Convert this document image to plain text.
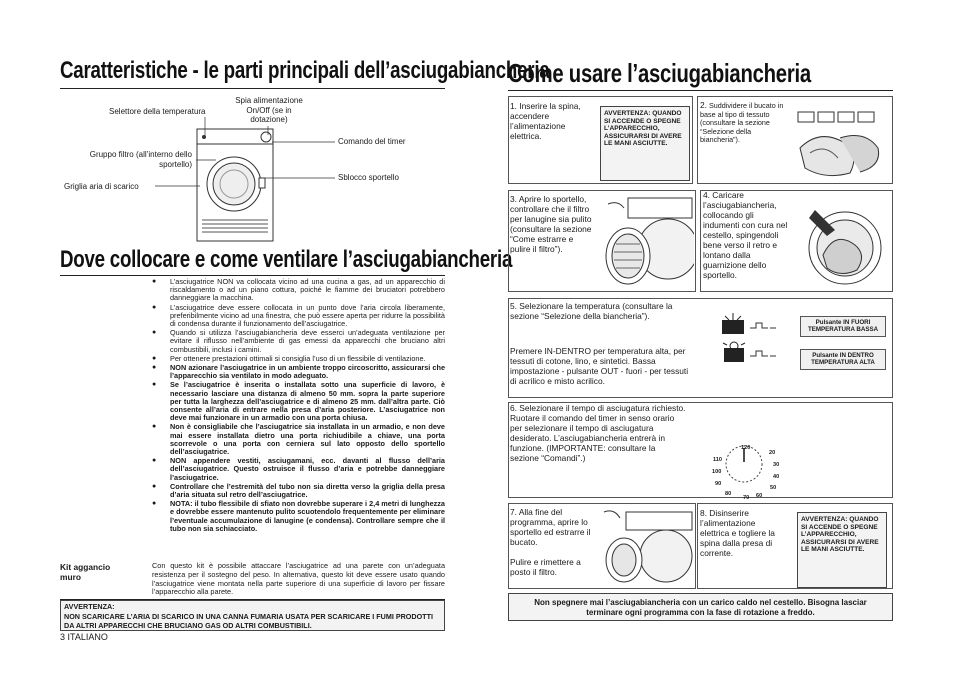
Caratteristiche - le parti principali dell’asciugabiancheria
Selettore della temperatura
Spia alimentazione On/Off (se in dotazione)
Comando del timer
Gruppo filtro (all’interno dello sportello)
Sblocco sportello
Griglia aria di scarico
Dove collocare e come ventilare l’asciugabiancheria
● L’asciugatrice NON va collocata vicino ad una cucina a gas, ad un apparecchio di riscaldamento o ad un piano cottura, poiché le fiamme dei bruciatori potrebbero danneggiare la macchina.
● L’asciugatrice deve essere collocata in un punto dove l’aria circola liberamente, preferibilmente vicino ad una finestra, che può essere aperta per ridurre la possibilità di condensa durante il funzionamento dell’asciugatrice.
● Quando si utilizza l’asciugabiancheria deve esserci un’adeguata ventilazione per evitare il riflusso nell’ambiente di gas emessi da apparecchi che bruciano altri combustibili, inclusi i camini.
● Per ottenere prestazioni ottimali si consiglia l’uso di un flessibile di ventilazione.
● NON azionare l’asciugatrice in un ambiente troppo circoscritto, assicurarsi che l’apparecchio sia ventilato in modo adeguato.
● Se l’asciugatrice è inserita o installata sotto una superficie di lavoro, è necessario lasciare una distanza di almeno 50 mm. sopra la parte superiore per tutta la larghezza dell’asciugatrice e di almeno 25 mm. dall’altra parte. Ciò consente all’aria di entrare nella presa d’aria posteriore. L’asciugatrice non deve mai funzionare in un armadio con una porta chiusa.
● Non è consigliabile che l’asciugatrice sia installata in un armadio, e non deve mai essere installata dietro una porta richiudibile a chiave, una porta scorrevole o una porta con cerniera sul lato opposto dello sportello dell’asciugatrice.
● NON appendere vestiti, asciugamani, ecc. davanti al flusso dell’aria dell’asciugatrice. Questo ostruisce il flusso d’aria e potrebbe danneggiare l’asciugatrice.
● Controllare che l’estremità del tubo non sia diretta verso la griglia della presa d’aria situata sul retro dell’asciugatrice.
● NOTA: il tubo flessibile di sfiato non dovrebbe superare i 2,4 metri di lunghezza e dovrebbe essere mantenuto pulito scuotendolo frequentemente per eliminare l’eventuale accumulazione di lanugine (e condensa). Controllare sempre che il tubo non sia schiacciato.
Kit aggancio muro
Con questo kit è possibile attaccare l’asciugatrice ad una parete con un’adeguata resistenza per il sostegno del peso. In alternativa, questo kit deve essere usato quando l’asciugatrice viene montata nella parte superiore di una superficie di lavoro per fissare l’apparecchio alla parete.
AVVERTENZA:
NON SCARICARE L’ARIA DI SCARICO IN UNA CANNA FUMARIA USATA PER SCARICARE I FUMI PRODOTTI DA ALTRI APPARECCHI CHE BRUCIANO GAS OD ALTRI COMBUSTIBILI.
3 ITALIANO
Come usare l’asciugabiancheria
1. Inserire la spina, accendere l’alimentazione elettrica.
AVVERTENZA: QUANDO SI ACCENDE O SPEGNE L’APPARECCHIO, ASSICURARSI DI AVERE LE MANI ASCIUTTE.
2. Suddividere il bucato in base al tipo di tessuto (consultare la sezione “Selezione della biancheria”).
3. Aprire lo sportello, controllare che il filtro per lanugine sia pulito (consultare la sezione “Come estrarre e pulire il filtro”).
4. Caricare l’asciugabiancheria, collocando gli indumenti con cura nel cestello, spingendoli bene verso il retro e lontano dalla guarnizione dello sportello.
5. Selezionare la temperatura (consultare la sezione “Selezione della biancheria”).
Premere IN-DENTRO per temperatura alta, per tessuti di cotone, lino, e sintetici. Bassa impostazione - pulsante OUT - fuori - per tessuti di acrilico e misto acrilico.
Pulsante IN FUORI TEMPERATURA BASSA
Pulsante IN DENTRO TEMPERATURA ALTA
6. Selezionare il tempo di asciugatura richiesto. Ruotare il comando del timer in senso orario per selezionare il tempo di asciugatura desiderato. L’asciugabiancheria entrerà in funzione. (IMPORTANTE: consultare la sezione “Comandi”.)
120
20
110
30
100
40
90
50
80
70 60
7. Alla fine del programma, aprire lo sportello ed estrarre il bucato.
Pulire e rimettere a posto il filtro.
8. Disinserire l’alimentazione elettrica e togliere la spina dalla presa di corrente.
AVVERTENZA: QUANDO SI ACCENDE O SPEGNE L’APPARECCHIO, ASSICURARSI DI AVERE LE MANI ASCIUTTE.
Non spegnere mai l’asciugabiancheria con un carico caldo nel cestello. Bisogna lasciar terminare ogni programma con la fase di rotazione a freddo.
